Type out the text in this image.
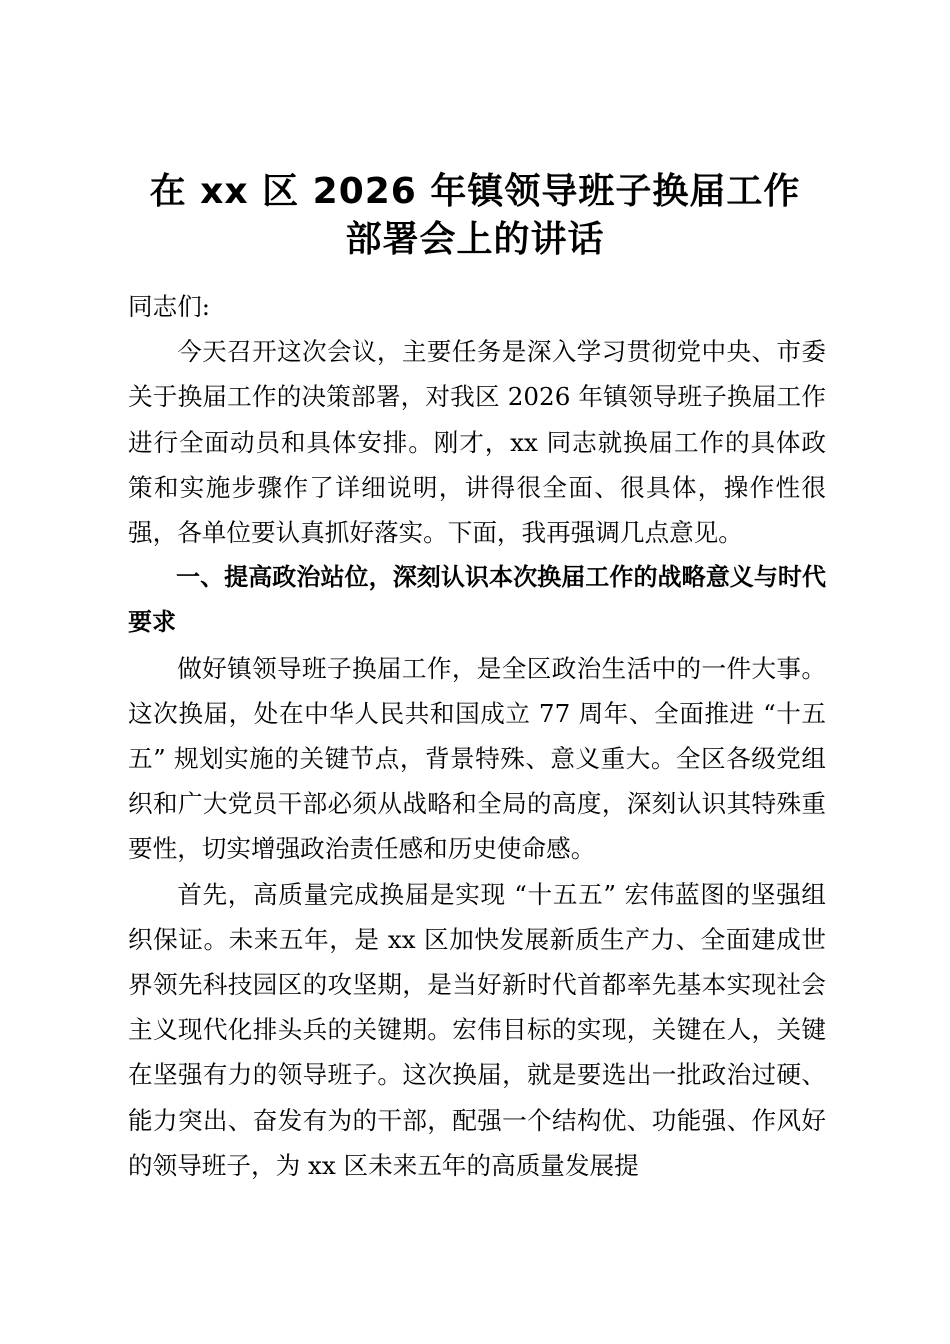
在 xx 区 2026 年镇领导班子换届工作
部署会上的讲话

同志们:

今天召开这次会议，主要任务是深入学习贯彻党中央、市委关于换届工作的决策部署，对我区 2026 年镇领导班子换届工作进行全面动员和具体安排。刚才，xx 同志就换届工作的具体政策和实施步骤作了详细说明，讲得很全面、很具体，操作性很强，各单位要认真抓好落实。下面，我再强调几点意见。

一、提高政治站位，深刻认识本次换届工作的战略意义与时代要求

做好镇领导班子换届工作，是全区政治生活中的一件大事。这次换届，处在中华人民共和国成立 77 周年、全面推进 “十五五” 规划实施的关键节点，背景特殊、意义重大。全区各级党组织和广大党员干部必须从战略和全局的高度，深刻认识其特殊重要性，切实增强政治责任感和历史使命感。

首先，高质量完成换届是实现 “十五五” 宏伟蓝图的坚强组织保证。未来五年，是 xx 区加快发展新质生产力、全面建成世界领先科技园区的攻坚期，是当好新时代首都率先基本实现社会主义现代化排头兵的关键期。宏伟目标的实现，关键在人，关键在坚强有力的领导班子。这次换届，就是要选出一批政治过硬、能力突出、奋发有为的干部，配强一个结构优、功能强、作风好的领导班子，为 xx 区未来五年的高质量发展提
